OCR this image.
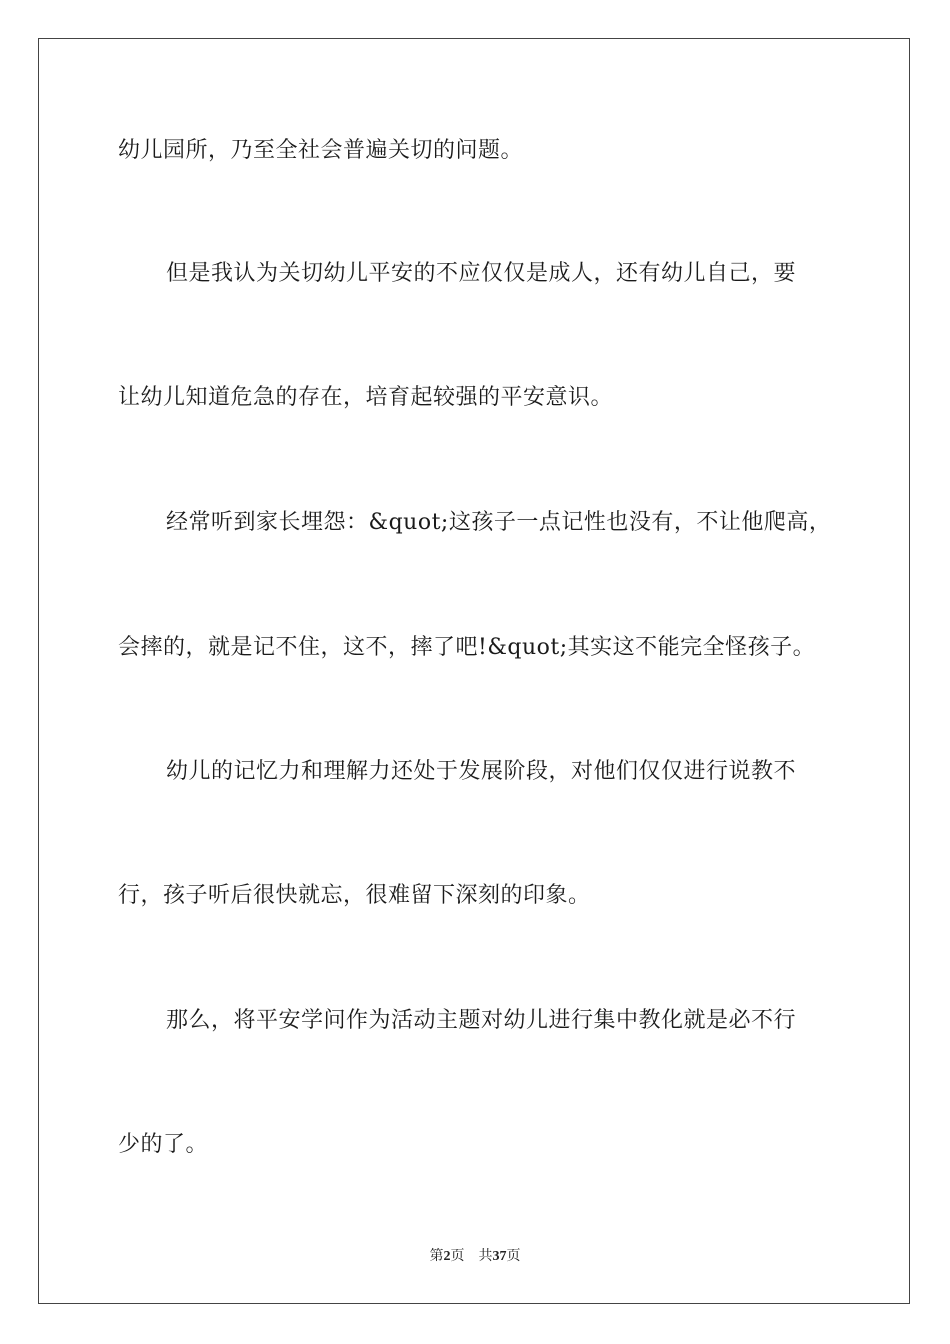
幼儿园所，乃至全社会普遍关切的问题。
但是我认为关切幼儿平安的不应仅仅是成人，还有幼儿自己，要
让幼儿知道危急的存在，培育起较强的平安意识。
经常听到家长埋怨：&quot;这孩子一点记性也没有，不让他爬高，
会摔的，就是记不住，这不，摔了吧!&quot;其实这不能完全怪孩子。
幼儿的记忆力和理解力还处于发展阶段，对他们仅仅进行说教不
行，孩子听后很快就忘，很难留下深刻的印象。
那么，将平安学问作为活动主题对幼儿进行集中教化就是必不行
少的了。
第2页 共37页
